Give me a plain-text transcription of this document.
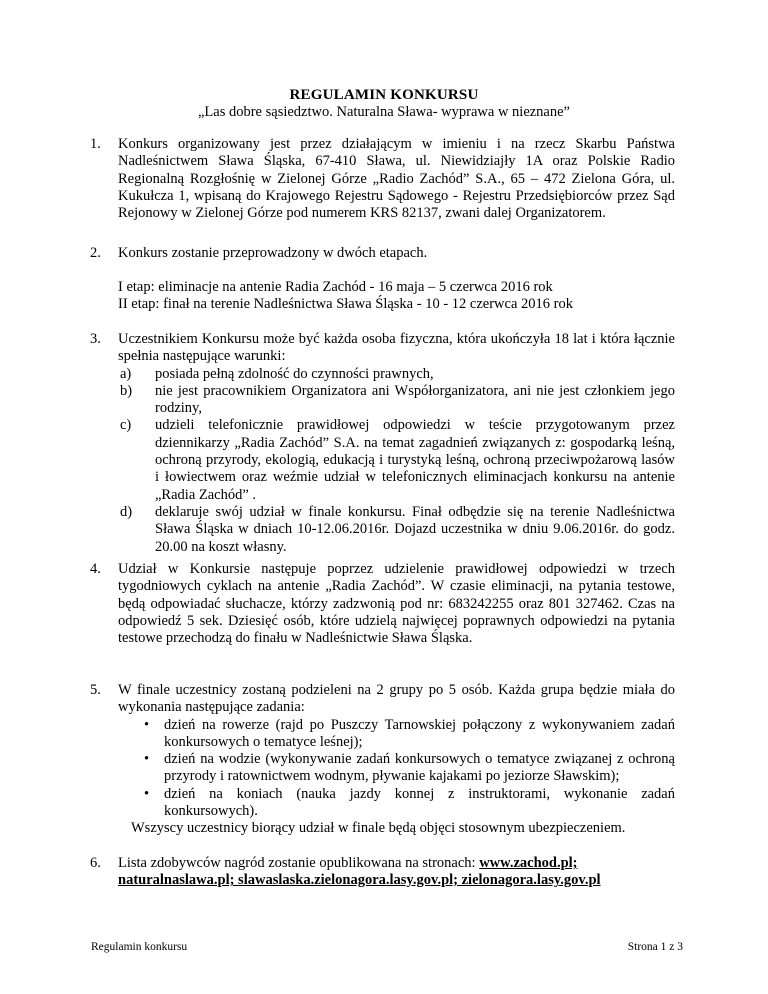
REGULAMIN KONKURSU
„Las dobre sąsiedztwo. Naturalna Sława- wyprawa w nieznane”
1. Konkurs organizowany jest przez działającym w imieniu i na rzecz Skarbu Państwa Nadleśnictwem Sława Śląska, 67-410 Sława, ul. Niewidziajły 1A oraz Polskie Radio Regionalną Rozgłośnię w Zielonej Górze „Radio Zachód” S.A., 65 – 472 Zielona Góra, ul. Kukułcza 1, wpisaną do Krajowego Rejestru Sądowego - Rejestru Przedsiębiorców przez Sąd Rejonowy w Zielonej Górze pod numerem KRS 82137, zwani dalej Organizatorem.
2. Konkurs zostanie przeprowadzony w dwóch etapach.
I etap: eliminacje na antenie Radia Zachód - 16 maja – 5 czerwca 2016 rok
II etap: finał na terenie Nadleśnictwa Sława Śląska - 10 - 12 czerwca 2016 rok
3. Uczestnikiem Konkursu może być każda osoba fizyczna, która ukończyła 18 lat i która łącznie spełnia następujące warunki:
a) posiada pełną zdolność do czynności prawnych,
b) nie jest pracownikiem Organizatora ani Współorganizatora, ani nie jest członkiem jego rodziny,
c) udzieli telefonicznie prawidłowej odpowiedzi w teście przygotowanym przez dziennikarzy „Radia Zachód” S.A. na temat zagadnień związanych z: gospodarką leśną, ochroną przyrody, ekologią, edukacją i turystyką leśną, ochroną przeciwpożarową lasów i łowiectwem oraz weźmie udział w telefonicznych eliminacjach konkursu na antenie „Radia Zachód” .
d) deklaruje swój udział w finale konkursu. Finał odbędzie się na terenie Nadleśnictwa Sława Śląska w dniach 10-12.06.2016r. Dojazd uczestnika w dniu 9.06.2016r. do godz. 20.00 na koszt własny.
4. Udział w Konkursie następuje poprzez udzielenie prawidłowej odpowiedzi w trzech tygodniowych cyklach na antenie „Radia Zachód”. W czasie eliminacji, na pytania testowe, będą odpowiadać słuchacze, którzy zadzwonią pod nr: 683242255 oraz 801 327462. Czas na odpowiedź 5 sek. Dziesięć osób, które udzielą najwięcej poprawnych odpowiedzi na pytania testowe przechodzą do finału w Nadleśnictwie Sława Śląska.
5. W finale uczestnicy zostaną podzieleni na 2 grupy po 5 osób. Każda grupa będzie miała do wykonania następujące zadania:
• dzień na rowerze (rajd po Puszczy Tarnowskiej połączony z wykonywaniem zadań konkursowych o tematyce leśnej);
• dzień na wodzie (wykonywanie zadań konkursowych o tematyce związanej z ochroną przyrody i ratownictwem wodnym, pływanie kajakami po jeziorze Sławskim);
• dzień na koniach (nauka jazdy konnej z instruktorami, wykonanie zadań konkursowych).
Wszyscy uczestnicy biorący udział w finale będą objęci stosownym ubezpieczeniem.
6. Lista zdobywców nagród zostanie opublikowana na stronach: www.zachod.pl; naturalnaslawa.pl; slawaslaska.zielonagora.lasy.gov.pl; zielonagora.lasy.gov.pl
Regulamin konkursu	Strona 1 z 3
